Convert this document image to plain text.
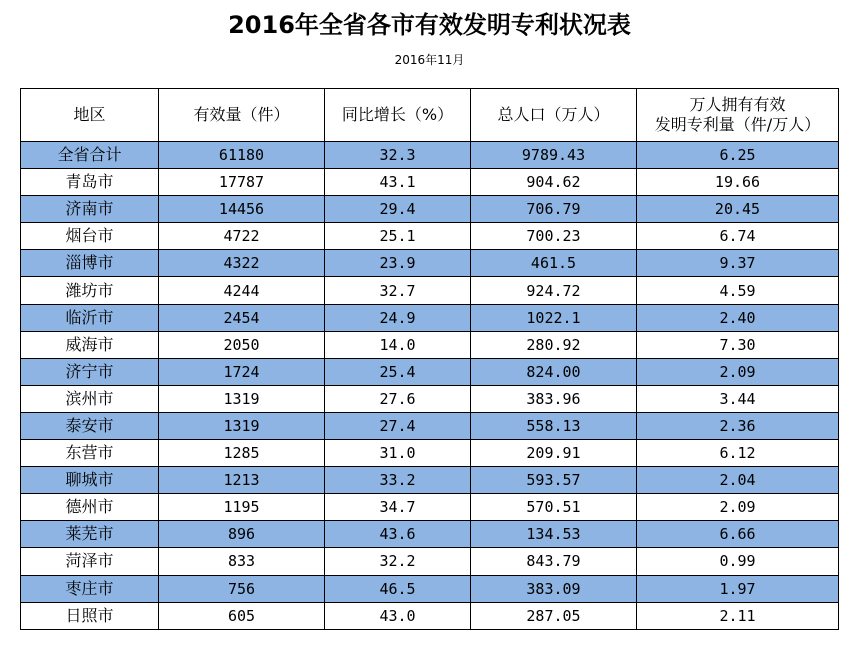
2016年全省各市有效发明专利状况表
2016年11月
地区	有效量（件）	同比增长（%）	总人口（万人）	万人拥有有效
发明专利量（件/万人）

全省合计	61180	32.3	9789.43	6.25
青岛市	17787	43.1	904.62	19.66
济南市	14456	29.4	706.79	20.45
烟台市	4722	25.1	700.23	6.74
淄博市	4322	23.9	461.5	9.37
潍坊市	4244	32.7	924.72	4.59
临沂市	2454	24.9	1022.1	2.40
威海市	2050	14.0	280.92	7.30
济宁市	1724	25.4	824.00	2.09
滨州市	1319	27.6	383.96	3.44
泰安市	1319	27.4	558.13	2.36
东营市	1285	31.0	209.91	6.12
聊城市	1213	33.2	593.57	2.04
德州市	1195	34.7	570.51	2.09
莱芜市	896	43.6	134.53	6.66
菏泽市	833	32.2	843.79	0.99
枣庄市	756	46.5	383.09	1.97
日照市	605	43.0	287.05	2.11
